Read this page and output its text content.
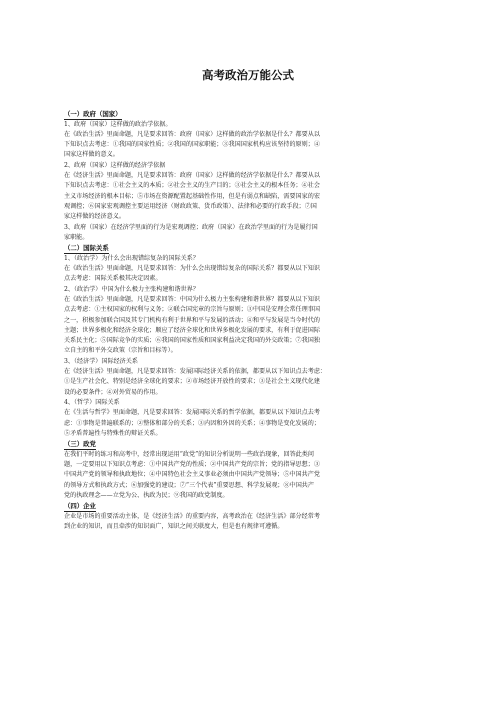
高考政治万能公式
（一）政府（国家）
1、政府（国家）这样做的政治学依据。
在《政治生活》里面命题，凡是要求回答：政府（国家）这样做的政治学依据是什么？都要从以
下知识点去考虑：①我国的国家性质；②我国的国家职能；③我国国家机构应该坚持的原则；④
国家这样做的意义。
2、政府（国家）这样做的经济学依据
在《经济生活》里面命题，凡是要求回答：政府（国家）这样做的经济学依据是什么？都要从以
下知识点去考虑：①社会主义的本质；②社会主义的生产目的；③社会主义的根本任务；④社会
主义市场经济的根本目标；⑤市场在资源配置起基础性作用，但是有弱点和缺陷，需要国家的宏
观调控；⑥国家宏观调控主要运用经济（财政政策、货币政策）、法律和必要的行政手段；⑦国
家这样做的经济意义。
3、政府（国家）在经济学里面的行为是宏观调控；政府（国家）在政治学里面的行为是履行国
家职能。
（二）国际关系
1、（政治学）为什么会出现错综复杂的国际关系？
在《政治生活》里面命题，凡是要求回答：为什么会出现错综复杂的国际关系？都要从以下知识
点去考虑：国际关系极其决定因素。
2、（政治学）中国为什么极力主张构建和谐世界？
在《政治生活》里面命题，凡是要求回答：中国为什么极力主张构建和谐世界？都要从以下知识
点去考虑：①主权国家的权利与义务；②联合国宪章的宗旨与原则；③中国是安理会常任理事国
之一，积极参加联合国及其专门机构有利于世界和平与发展的活动；④和平与发展是当今时代的
主题；世界多极化和经济全球化；顺应了经济全球化和世界多极化发展的要求，有利于促进国际
关系民主化；⑤国际竞争的实质；⑥我国的国家性质和国家利益决定我国的外交政策；⑦我国独
立自主的和平外交政策（宗旨和目标等）。
3、（经济学）国际经济关系
在《经济生活》里面命题，凡是要求回答：发展国际经济关系的依据，都要从以下知识点去考虑：
①是生产社会化、特别是经济全球化的要求；②市场经济开放性的要求；③是社会主义现代化建
设的必要条件；④对外贸易的作用。
4、（哲学）国际关系
在《生活与哲学》里面命题，凡是要求回答：发展国际关系的哲学依据，都要从以下知识点去考
虑：①事物是普遍联系的；②整体和部分的关系；③内因和外因的关系；④事物是变化发展的；
⑤矛盾普遍性与特殊性的辩证关系。
（三）政党
在我们平时的练习和高考中，经常出现运用“政党”的知识分析说明一些政治现象，回答此类问
题，一定要用以下知识点考虑：①中国共产党的性质；②中国共产党的宗旨；党的指导思想；③
中国共产党的领导和执政地位；④中国特色社会主义事业必须由中国共产党领导；⑤中国共产党
的领导方式和执政方式；⑥加强党的建设；⑦“三个代表”重要思想、科学发展观；⑧中国共产
党的执政理念——立党为公、执政为民；⑨我国的政党制度。
（四）企业
企业是市场的重要活动主体，是《经济生活》的重要内容，高考政治在《经济生活》部分经常考
到企业的知识，而且牵涉的知识面广，知识之间关联度大，但是也有规律可遵循。
